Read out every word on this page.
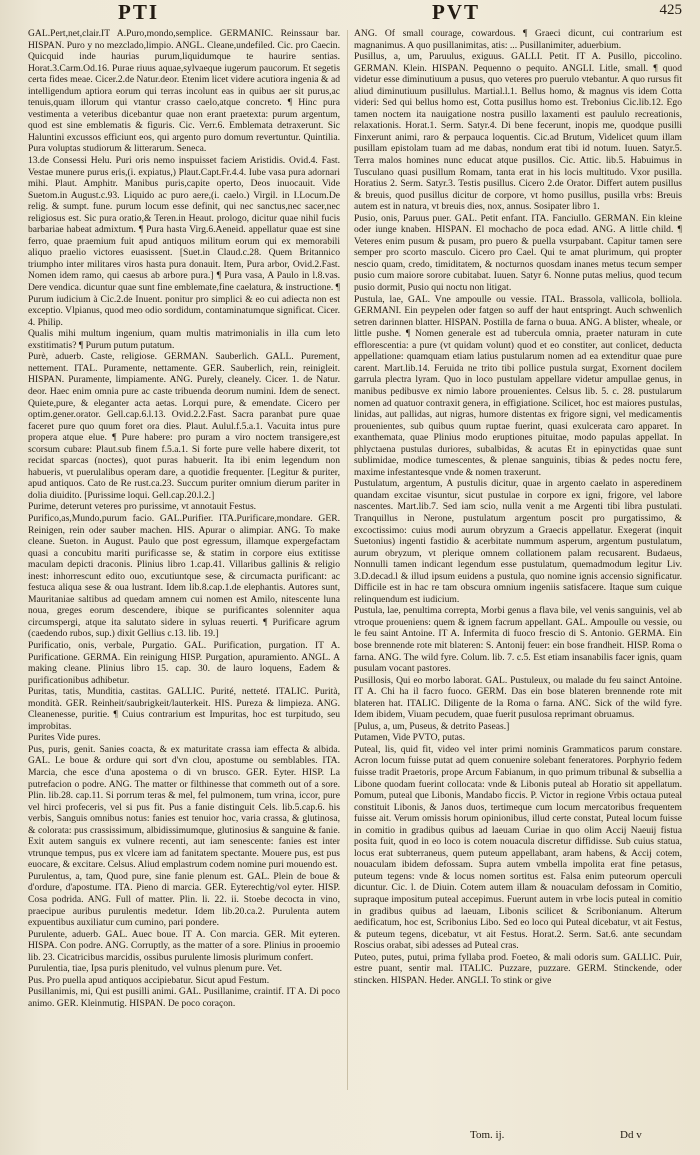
PTI	PVT	425

GAL.Pert,net,clair.IT A.Puro,mondo,semplice. GERMANIC. Reinssaur bar. HISPAN. Puro y no mezclado,limpio. ANGL. Cleane,undefiled. Cic. pro Caecin. Quicquid inde haurias purum,liquidumque te haurire sentias. Horat.3.Carm.Od.16. Purae riuus aquae,sylvaeque iugerum paucorum. Et segetis certa fides meae. Cicer.2.de Natur.deor. Etenim licet videre acutiora ingenia & ad intelligendum aptiora eorum qui terras incolunt eas in quibus aer sit purus,ac tenuis,quam illorum qui vtantur crasso caelo,atque concreto. ¶ Hinc pura vestimenta a veteribus dicebantur quae non erant praetexta: purum argentum, quod est sine emblematis & figuris. Cic. Verr.6. Emblemata detraxerunt. Sic Haluntini excussos efficiunt eos, qui argento puro domum revertuntur. Quintilia. Pura voluptas studiorum & litterarum. Seneca.

13.de Consessi Helu. Puri oris nemo inspuisset faciem Aristidis. Ovid.4. Fast. Vestae munere purus eris,(i. expiatus,) Plaut.Capt.Fr.4.4. Iube vasa pura adornari mihi. Plaut. Amphitr. Manibus puris,capite operto, Deos inuocauit. Vide Suetom.in August.c.93. Liquido ac puro aere,(i. caelo.) Virgil. in I.Locum.De relig. & sumpt. fune. purum locum esse definit, qui nec sanctus,nec sacer,nec religiosus est. Sic pura oratio,& Teren.in Heaut. prologo, dicitur quae nihil fucis barbariae habeat admixtum. ¶ Pura hasta Virg.6.Aeneid. appellatur quae est sine ferro, quae praemium fuit apud antiquos militum eorum qui ex memorabili aliquo praelio victores euasissent. [Suet.in Claud.c.28. Quem Britannico triumpho inter militares viros hasta pura donauit. Item, Pura arbor, Ovid.2.Fast. Nomen idem ramo, qui caesus ab arbore pura.] ¶ Pura vasa, A Paulo in l.8.vas. Dere vendica. dicuntur quae sunt fine emblemate,fine caelatura, & instructione. ¶ Purum iudicium à Cic.2.de Inuent. ponitur pro simplici & eo cui adiecta non est exceptio. Vlpianus, quod meo odio sordidum, contaminatumque significat. Cicer. 4. Philip.

Qualis mihi multum ingenium, quam multis matrimonialis in illa cum leto exstitimatis? ¶ Purum putum putatum.

Purè, aduerb. Caste, religiose. GERMAN. Sauberlich. GALL. Purement, nettement. ITAL. Puramente, nettamente. GER. Sauberlich, rein, reinigleit. HISPAN. Puramente, limpiamente. ANG. Purely, cleanely. Cicer. 1. de Natur. deor. Haec enim omnia pure ac caste tribuenda deorum numini. Idem de senect. Quiete,pure, & eleganter acta aetas. Lorqui pure, & emendate. Cicero per optim.gener.orator. Gell.cap.6.l.13. Ovid.2.2.Fast. Sacra paranbat pure quae faceret pure quo quum foret ora dies. Plaut. Aulul.f.5.a.1. Vacuita intus pure propera atque elue. ¶ Pure habere: pro puram a viro noctem transigere,est scorsum cubare: Plaut.sub finem f.5.a.1. Si forte pure velle habere dixerit, tot recidat sparcas (noctes), quot puras habuerit. Ita ibi enim legendum non habueris, vt puerulalibus operam dare, a quotidie frequenter. [Legitur & puriter, apud antiquos. Cato de Re rust.ca.23. Succum puriter omnium dierum pariter in dolia diuidito. [Purissime loqui. Gell.cap.20.l.2.]

Purime, deterunt veteres pro purissime, vt annotauit Festus.

Purifico,as,Mundo,purum facio. GAL.Purifier. ITA.Purificare,mondare. GER. Reinigen, rein oder sauber machen. HIS. Apurar o alimpiar. ANG. To make cleane. Sueton. in August. Paulo que post egressum, illamque expergefactam quasi a concubitu mariti purificasse se, & statim in corpore eius extitisse maculam depicti draconis. Plinius libro 1.cap.41. Villaribus gallinis & religio inest: inhorrescunt edito ouo, excutiuntque sese, & circumacta purificant: ac festuca aliqua sese & oua lustrant. Idem lib.8.cap.1.de elephantis. Autores sunt, Mauritaniae saltibus ad quedam amnem cui nomen est Amilo, nitescente luna noua, greges eorum descendere, ibique se purificantes solenniter aqua circumspergi, atque ita salutato sidere in syluas reuerti. ¶ Purificare agrum (caedendo rubos, sup.) dixit Gellius c.13. lib. 19.]

Purificatio, onis, verbale, Purgatio. GAL. Purification, purgation. IT A. Purificatione. GERMA. Ein reinigung HISP. Purgation, apuramiento. ANGL. A making cleane. Plinius libro 15. cap. 30. de lauro loquens, Eadem & purificationibus adhibetur.

Puritas, tatis, Munditia, castitas. GALLIC. Purité, netteté. ITALIC. Purità, mondità. GER. Reinheit/saubrigkeit/lauterkeit. HIS. Pureza & limpieza. ANG. Cleanenesse, puritie. ¶ Cuius contrarium est Impuritas, hoc est turpitudo, seu improbitas.

Purites Vide pures.

Pus, puris, genit. Sanies coacta, & ex maturitate crassa iam effecta & albida. GAL. Le boue & ordure qui sort d'vn clou, apostume ou semblables. ITA. Marcia, che esce d'una apostema o di vn brusco. GER. Eyter. HISP. La putrefacion o podre. ANG. The matter or filthinesse that commeth out of a sore. Plin. lib.28. cap.11. Si porrum teras & mel, fel pulmonem, tum vrina, iccor, pure vel hirci profeceris, vel si pus fit. Pus a fanie distinguit Cels. lib.5.cap.6. his verbis, Sanguis omnibus notus: fanies est tenuior hoc, varia crassa, & glutinosa, & colorata: pus crassissimum, albidissimumque, glutinosius & sanguine & fanie. Exit autem sanguis ex vulnere recenti, aut iam senescente: fanies est inter vtrunque tempus, pus ex vlcere iam ad fanitatem spectante. Mouere pus, est pus euocare, & excitare. Celsus. Aliud emplastrum codem nomine puri mouendo est.

Purulentus, a, tam, Quod pure, sine fanie plenum est. GAL. Plein de boue & d'ordure, d'apostume. ITA. Pieno di marcia. GER. Eyterechtig/vol eyter. HISP. Cosa podrida. ANG. Full of matter. Plin. li. 22. ii. Stoebe decocta in vino, praecipue auribus purulentis medetur. Idem lib.20.ca.2. Purulenta autem expuentibus auxiliatur cum cumino, pari pondere.

Purulente, aduerb. GAL. Auec boue. IT A. Con marcia. GER. Mit eyteren. HISPA. Con podre. ANG. Corruptly, as the matter of a sore. Plinius in prooemio lib. 23. Cicatricibus marcidis, ossibus purulente limosis plurimum confert.

Purulentia, tiae, Ipsa puris plenitudo, vel vulnus plenum pure. Vet.

Pus. Pro puella apud antiquos accipiebatur. Sicut apud Festum.

Pusillanimis, mi, Qui est pusilli animi. GAL. Pusillanime, craintif. IT A. Di poco animo. GER. Kleinmutig. HISPAN. De poco coraçon.

ANG. Of small courage, cowardous. ¶ Graeci dicunt, cui contrarium est magnanimus. A quo pusillanimitas, atis: ... Pusillanimiter, aduerbium.

Pusillus, a, um, Paruulus, exiguus. GALLI. Petit. IT A. Pusillo, piccolino. GERMAN. Klein. HISPAN. Pequenno o pequito. ANGLI. Litle, small. ¶ quod videtur esse diminutiuum a pusus, quo veteres pro puerulo vtebantur. A quo rursus fit aliud diminutiuum pusillulus. Martial.l.1. Bellus homo, & magnus vis idem Cotta videri: Sed qui bellus homo est, Cotta pusillus homo est. Trebonius Cic.lib.12. Ego tamen noctem ita nauigatione nostra pusillo laxamenti est paululo recreationis, relaxationis. Horat.1. Serm. Satyr.4. Di bene fecerunt, inopis me, quodque pusilli Finxerunt animi, raro & perpauca loquentis. Cic.ad Brutum, Videlicet quum illam pusillam epistolam tuam ad me dabas, nondum erat tibi id notum. Iuuen. Satyr.5. Terra malos homines nunc educat atque pusillos. Cic. Attic. lib.5. Habuimus in Tusculano quasi pusillum Romam, tanta erat in his locis multitudo. Vxor pusilla. Horatius 2. Serm. Satyr.3. Testis pusillus. Cicero 2.de Orator. Differt autem pusillus & breuis, quod pusillus dicitur de corpore, vt homo pusillus, pusilla vrbs: Breuis autem est in natura, vt breuis dies, nox, annus. Sosipater libro 1.

Pusio, onis, Paruus puer. GAL. Petit enfant. ITA. Fanciullo. GERMAN. Ein kleine oder iunge knaben. HISPAN. El mochacho de poca edad. ANG. A little child. ¶ Veteres enim pusum & pusam, pro puero & puella vsurpabant. Capitur tamen sere semper pro scorto masculo. Cicero pro Cael. Qui te amat plurimum, qui propter nescio quam, credo, timiditatem, & nocturnos quosdam inanes metus tecum semper pusio cum maiore sorore cubitabat. Iuuen. Satyr 6. Nonne putas melius, quod tecum pusio dormit, Pusio qui noctu non litigat.

Pustula, lae, GAL. Vne ampoulle ou vessie. ITAL. Brassola, vallicola, bolliola. GERMANI. Ein peypelen oder fatgen so auff der haut entspringt. Auch schwenlich setren darinnen blatter. HISPAN. Postilla de farna o buua. ANG. A blister, wheale, or little pushe. ¶ Nomen generale est ad tubercula omnia, praeter naturam in cute efflorescentia: a pure (vt quidam volunt) quod et eo constiter, aut conlicet, deducta appellatione: quamquam etiam latius pustularum nomen ad ea extenditur quae pure carent. Mart.lib.14. Feruida ne trito tibi pollice pustula surgat, Exornent docilem garrula plectra lyram. Quo in loco pustulam appellare videtur ampullae genus, in manibus pedibusve ex nimio labore prouenientes. Celsus lib. 5. c. 28. pustularum nomen ad quatuor contraxit genera, in effigiatione. Scilicet, hoc est maiores pustulas, linidas, aut pallidas, aut nigras, humore distentas ex frigore signi, vel medicamentis prouenientes, sub quibus quum ruptae fuerint, quasi exulcerata caro apparet. In exanthemata, quae Plinius modo eruptiones pituitae, modo papulas appellat. In phlyctaena pustulas duriores, subalbidas, & acutas Et in epinyctidas quae sunt sublimidae, modice tumescentes, & plenae sanguinis, tibias & pedes noctu fere, maxime infestantesque vnde & nomen traxerunt.

Pustulatum, argentum, A pustulis dicitur, quae in argento caelato in asperedinem quandam excitae visuntur, sicut pustulae in corpore ex igni, frigore, vel labore nascentes. Mart.lib.7. Sed iam scio, nulla venit a me Argenti tibi libra pustulati. Tranquillus in Nerone, pustulatum argentum poscit pro purgatissimo, & excoctissimo: cuius modi aurum obryzum a Graecis appellatur. Exegerat (inquit Suetonius) ingenti fastidio & acerbitate nummum asperum, argentum pustulatum, aurum obryzum, vt plerique omnem collationem palam recusarent. Budaeus, Nonnulli tamen indicant legendum esse pustulatum, quemadmodum legitur Liv. 3.D.decad.l & illud ipsum euidens a pustula, quo nomine ignis accensio significatur. Difficile est in hac re tam obscura omnium ingeniis satisfacere. Itaque sum cuique relinquendum est iudicium.

Pustula, lae, penultima correpta, Morbi genus a flava bile, vel venis sanguinis, vel ab vtroque proueniens: quem & ignem facrum appellant. GAL. Ampoulle ou vessie, ou le feu saint Antoine. IT A. Infermita di fuoco frescio di S. Antonio. GERMA. Ein bose brennende rote mit blateren: S. Antonij feuer: ein bose frandheit. HISP. Roma o farna. ANG. The wild fyre. Colum. lib. 7. c.5. Est etiam insanabilis facer ignis, quam pusulam vocant pastores.

Pusillosis, Qui eo morbo laborat. GAL. Pustuleux, ou malade du feu sainct Antoine. IT A. Chi ha il facro fuoco. GERM. Das ein bose blateren brennende rote mit blateren hat. ITALIC. Diligente de la Roma o farna. ANC. Sick of the wild fyre. Idem ibidem, Viuam pecudem, quae fuerit pusulosa reprimant obruamus.

[Pulus, a, um, Puseus, & detrito Paseas.]

Putamen, Vide PVTO, putas.

Puteal, lis, quid fit, video vel inter primi nominis Grammaticos parum constare. Acron locum fuisse putat ad quem conuenire solebant feneratores. Porphyrio fedem fuisse tradit Praetoris, prope Arcum Fabianum, in quo primum tribunal & subsellia a Libone quodam fuerint collocata: vnde & Libonis puteal ab Horatio sit appellatum. Pomum, puteal que Libonis, Mandabo ficcis. P. Victor in regione Vrbis octaua puteal constituit Libonis, & Janos duos, tertimeque cum locum mercatoribus frequentem fuisse ait. Verum omissis horum opinionibus, illud certe constat, Puteal locum fuisse in comitio in gradibus quibus ad laeuam Curiae in quo olim Accij Naeuij fistua posita fuit, quod in eo loco is cotem nouacula discretur diffidisse. Sub cuius statua, locus erat subterraneus, quem puteum appellabant, aram habens, & Accij cotem, nouaculam ibidem defossam. Supra autem vmbella impolita erat fine petasus, puteum tegens: vnde & locus nomen sortitus est. Falsa enim puteorum operculi dicuntur. Cic. l. de Diuin. Cotem autem illam & nouaculam defossam in Comitio, supraque impositum puteal accepimus. Fuerunt autem in vrbe locis puteal in comitio in gradibus quibus ad laeuam, Libonis scilicet & Scribonianum. Alterum aedificatum, hoc est, Scribonius Libo. Sed eo loco qui Puteal dicebatur, vt ait Festus, & puteum tegens, dicebatur, vt ait Festus. Horat.2. Serm. Sat.6. ante secundam Roscius orabat, sibi adesses ad Puteal cras.

Puteo, putes, putui, prima fyllaba prod. Foeteo, & mali odoris sum. GALLIC. Puir, estre puant, sentir mal. ITALIC. Puzzare, puzzare. GERM. Stinckende, oder stincken. HISPAN. Heder. ANGLI. To stink or give

Tom. ij.	Dd v
